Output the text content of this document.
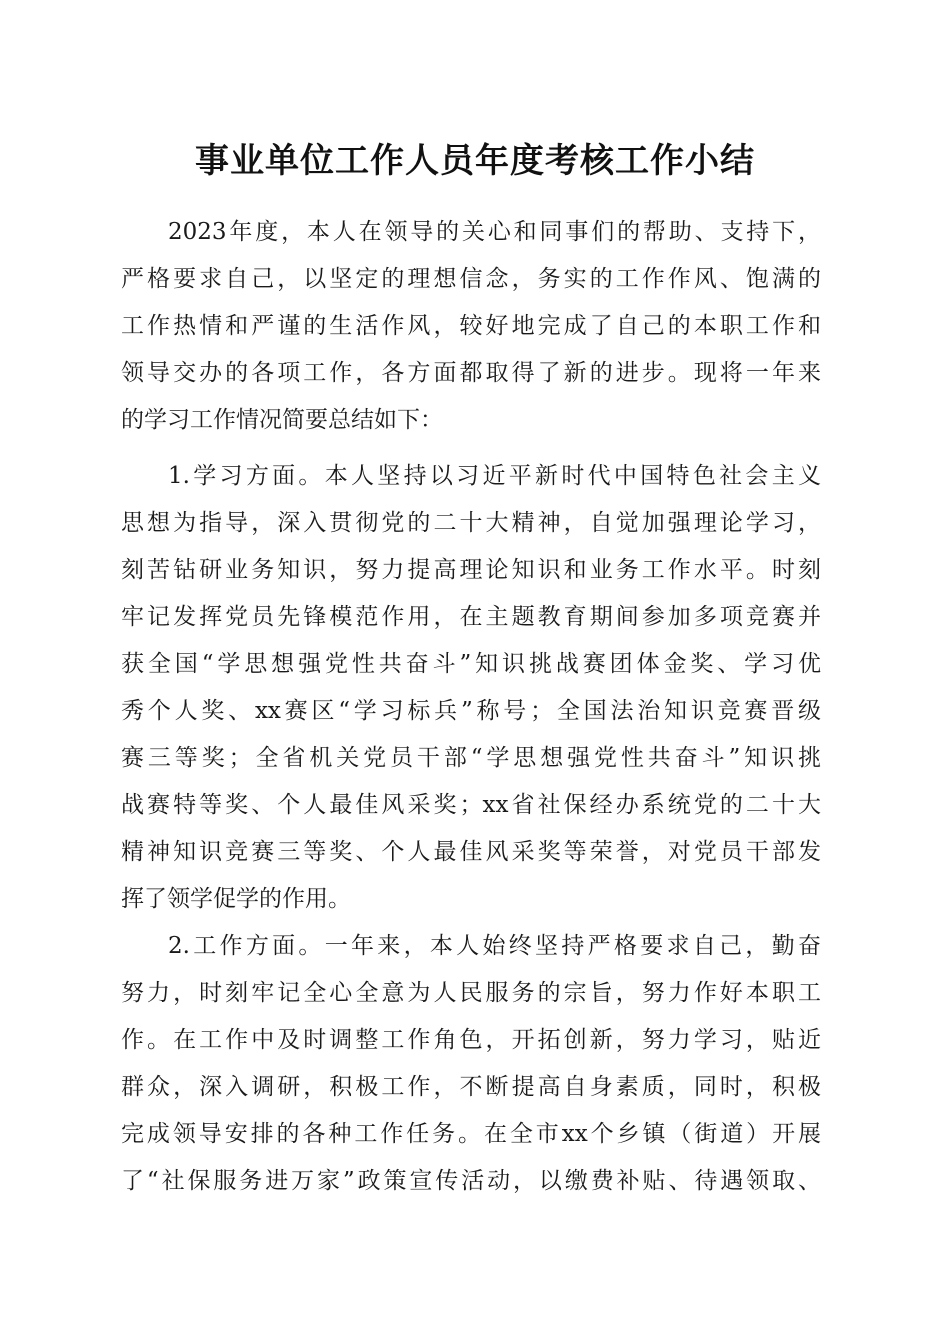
事业单位工作人员年度考核工作小结
2023年度，本人在领导的关心和同事们的帮助、支持下，
严格要求自己，以坚定的理想信念，务实的工作作风、饱满的
工作热情和严谨的生活作风，较好地完成了自己的本职工作和
领导交办的各项工作，各方面都取得了新的进步。现将一年来
的学习工作情况简要总结如下：
1.学习方面。本人坚持以习近平新时代中国特色社会主义
思想为指导，深入贯彻党的二十大精神，自觉加强理论学习，
刻苦钻研业务知识，努力提高理论知识和业务工作水平。时刻
牢记发挥党员先锋模范作用，在主题教育期间参加多项竞赛并
获全国“学思想强党性共奋斗”知识挑战赛团体金奖、学习优
秀个人奖、xx赛区“学习标兵”称号；全国法治知识竞赛晋级
赛三等奖；全省机关党员干部“学思想强党性共奋斗”知识挑
战赛特等奖、个人最佳风采奖；xx省社保经办系统党的二十大
精神知识竞赛三等奖、个人最佳风采奖等荣誉，对党员干部发
挥了领学促学的作用。
2.工作方面。一年来，本人始终坚持严格要求自己，勤奋
努力，时刻牢记全心全意为人民服务的宗旨，努力作好本职工
作。在工作中及时调整工作角色，开拓创新，努力学习，贴近
群众，深入调研，积极工作，不断提高自身素质，同时，积极
完成领导安排的各种工作任务。在全市xx个乡镇（街道）开展
了“社保服务进万家”政策宣传活动，以缴费补贴、待遇领取、
